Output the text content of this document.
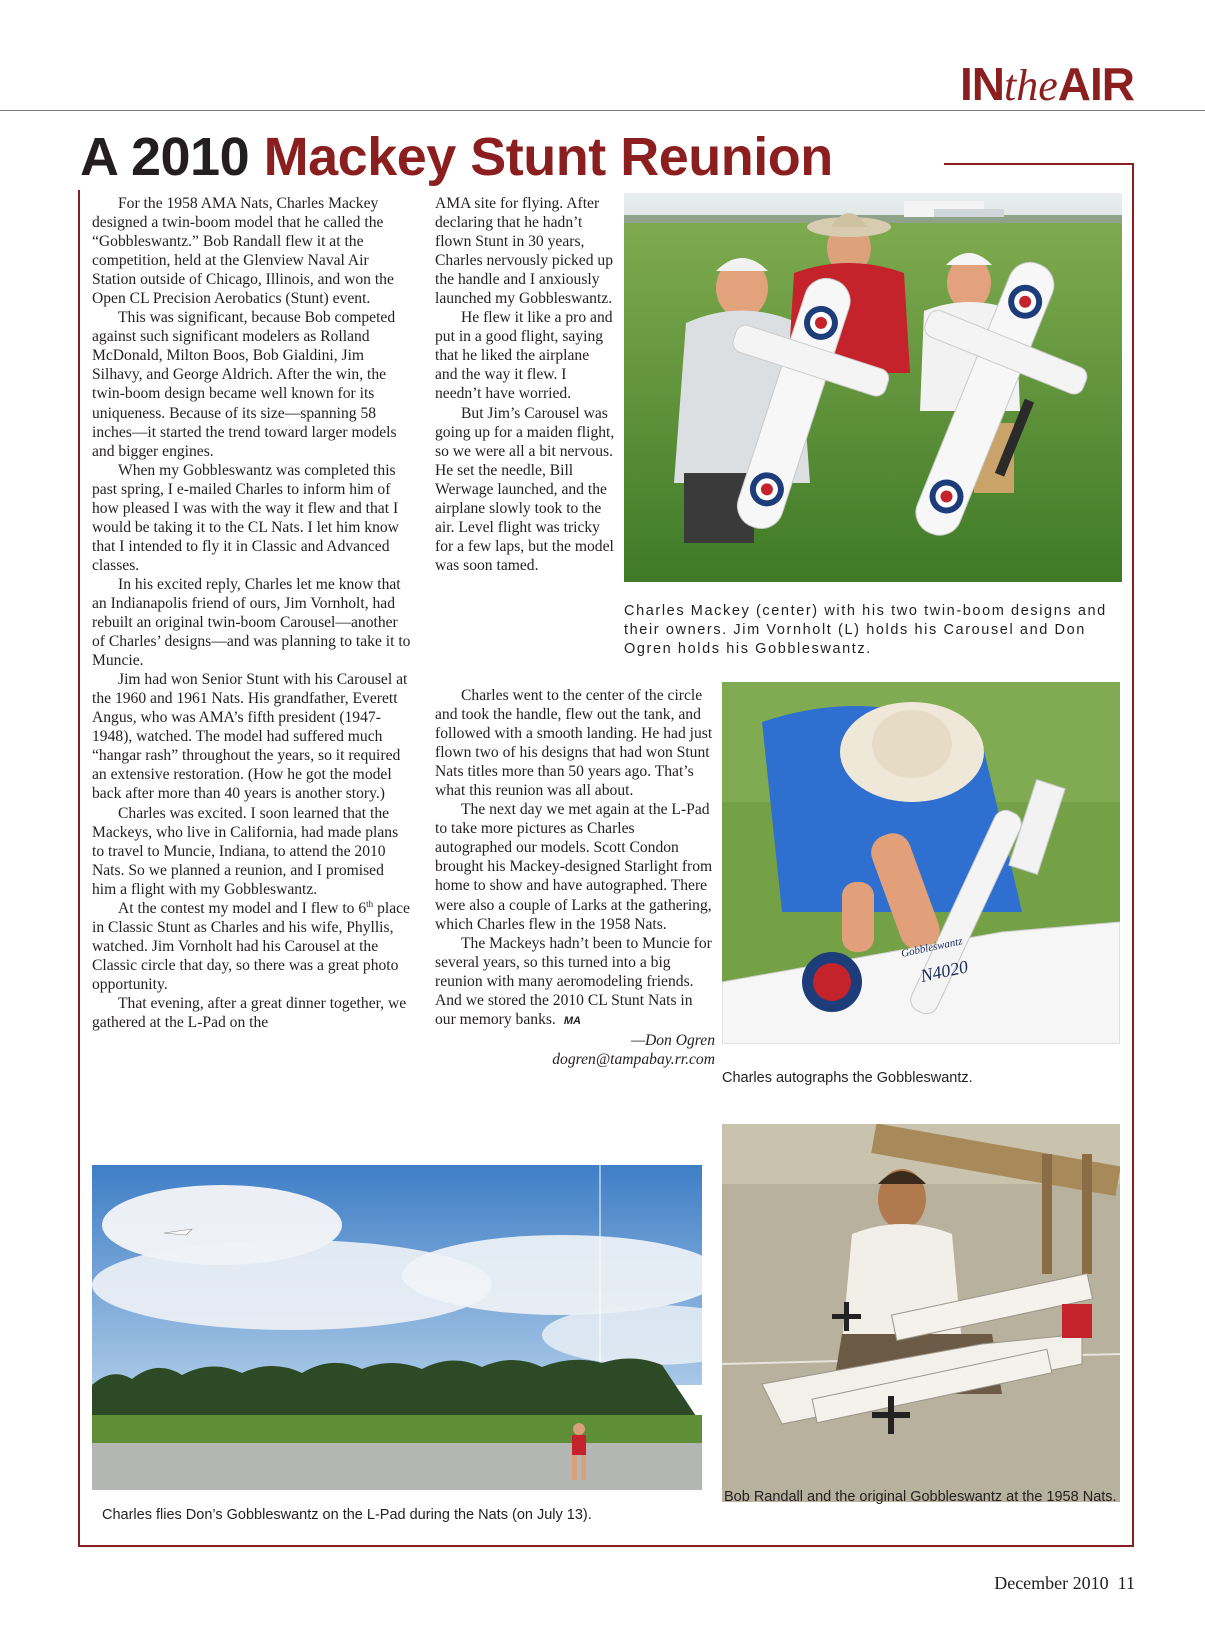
INtheAIR
A 2010 Mackey Stunt Reunion

For the 1958 AMA Nats, Charles Mackey designed a twin-boom model that he called the “Gobbleswantz.” Bob Randall flew it at the competition, held at the Glenview Naval Air Station outside of Chicago, Illinois, and won the Open CL Precision Aerobatics (Stunt) event.

This was significant, because Bob competed against such significant modelers as Rolland McDonald, Milton Boos, Bob Gialdini, Jim Silhavy, and George Aldrich. After the win, the twin-boom design became well known for its uniqueness. Because of its size—spanning 58 inches—it started the trend toward larger models and bigger engines.

When my Gobbleswantz was completed this past spring, I e-mailed Charles to inform him of how pleased I was with the way it flew and that I would be taking it to the CL Nats. I let him know that I intended to fly it in Classic and Advanced classes.

In his excited reply, Charles let me know that an Indianapolis friend of ours, Jim Vornholt, had rebuilt an original twin-boom Carousel—another of Charles’ designs—and was planning to take it to Muncie.

Jim had won Senior Stunt with his Carousel at the 1960 and 1961 Nats. His grandfather, Everett Angus, who was AMA’s fifth president (1947-1948), watched. The model had suffered much “hangar rash” throughout the years, so it required an extensive restoration. (How he got the model back after more than 40 years is another story.)

Charles was excited. I soon learned that the Mackeys, who live in California, had made plans to travel to Muncie, Indiana, to attend the 2010 Nats. So we planned a reunion, and I promised him a flight with my Gobbleswantz.

At the contest my model and I flew to 6th place in Classic Stunt as Charles and his wife, Phyllis, watched. Jim Vornholt had his Carousel at the Classic circle that day, so there was a great photo opportunity.

That evening, after a great dinner together, we gathered at the L-Pad on the

AMA site for flying. After declaring that he hadn’t flown Stunt in 30 years, Charles nervously picked up the handle and I anxiously launched my Gobbleswantz.

He flew it like a pro and put in a good flight, saying that he liked the airplane and the way it flew. I needn’t have worried.

But Jim’s Carousel was going up for a maiden flight, so we were all a bit nervous. He set the needle, Bill Werwage launched, and the airplane slowly took to the air. Level flight was tricky for a few laps, but the model was soon tamed.

Charles went to the center of the circle and took the handle, flew out the tank, and followed with a smooth landing. He had just flown two of his designs that had won Stunt Nats titles more than 50 years ago. That’s what this reunion was all about.

The next day we met again at the L-Pad to take more pictures as Charles autographed our models. Scott Condon brought his Mackey-designed Starlight from home to show and have autographed. There were also a couple of Larks at the gathering, which Charles flew in the 1958 Nats.

The Mackeys hadn’t been to Muncie for several years, so this turned into a big reunion with many aeromodeling friends. And we stored the 2010 CL Stunt Nats in our memory banks. MA

—Don Ogren

dogren@tampabay.rr.com

Charles Mackey (center) with his two twin-boom designs and their owners. Jim Vornholt (L) holds his Carousel and Don Ogren holds his Gobbleswantz.
N4020
Gobbleswantz
Charles autographs the Gobbleswantz.
Charles flies Don’s Gobbleswantz on the L-Pad during the Nats (on July 13).
Bob Randall and the original Gobbleswantz at the 1958 Nats.
December 2010 11
